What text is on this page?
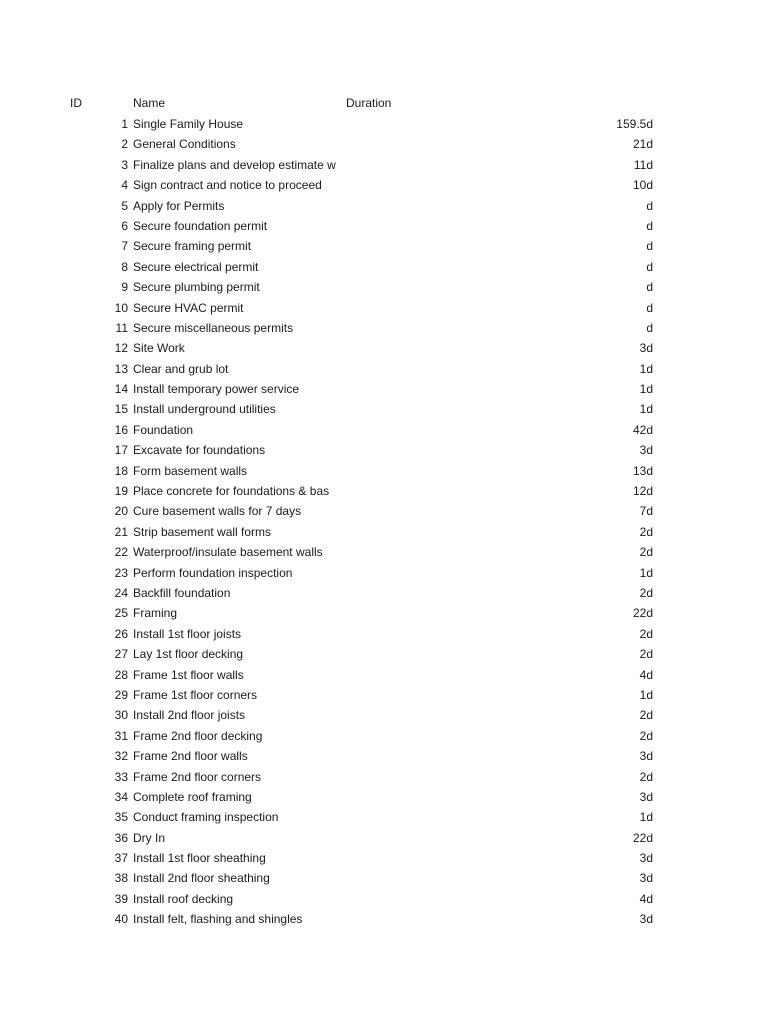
ID	Name	Duration
1 Single Family House	159.5d
2 General Conditions	21d
3 Finalize plans and develop estimate w	11d
4 Sign contract and notice to proceed	10d
5 Apply for Permits	d
6 Secure foundation permit	d
7 Secure framing permit	d
8 Secure electrical permit	d
9 Secure plumbing permit	d
10 Secure HVAC permit	d
11 Secure miscellaneous permits	d
12 Site Work	3d
13 Clear and grub lot	1d
14 Install temporary power service	1d
15 Install underground utilities	1d
16 Foundation	42d
17 Excavate for foundations	3d
18 Form basement walls	13d
19 Place concrete for foundations & bas	12d
20 Cure basement walls for 7 days	7d
21 Strip basement wall forms	2d
22 Waterproof/insulate basement walls	2d
23 Perform foundation inspection	1d
24 Backfill foundation	2d
25 Framing	22d
26 Install 1st floor joists	2d
27 Lay 1st floor decking	2d
28 Frame 1st floor walls	4d
29 Frame 1st floor corners	1d
30 Install 2nd floor joists	2d
31 Frame 2nd floor decking	2d
32 Frame 2nd floor walls	3d
33 Frame 2nd floor corners	2d
34 Complete roof framing	3d
35 Conduct framing inspection	1d
36 Dry In	22d
37 Install 1st floor sheathing	3d
38 Install 2nd floor sheathing	3d
39 Install roof decking	4d
40 Install felt, flashing and shingles	3d
